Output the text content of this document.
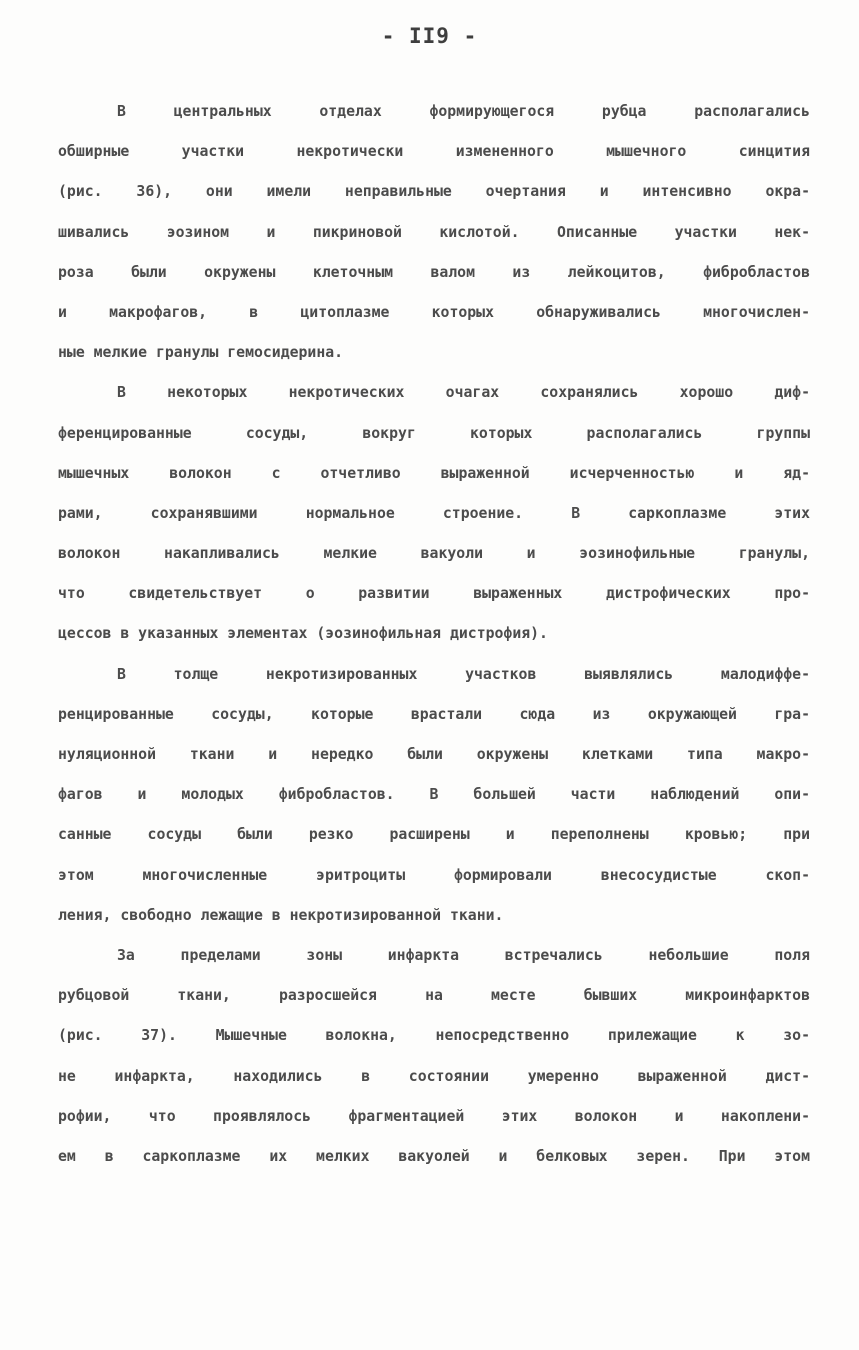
- II9 -
В центральных отделах формирующегося рубца располагались
обширные участки некротически измененного мышечного синцития
(рис. 36), они имели неправильные очертания и интенсивно окра-
шивались эозином и пикриновой кислотой. Описанные участки нек-
роза были окружены клеточным валом из лейкоцитов, фибробластов
и макрофагов, в цитоплазме которых обнаруживались многочислен-
ные мелкие гранулы гемосидерина.
В некоторых некротических очагах сохранялись хорошо диф-
ференцированные сосуды, вокруг которых располагались группы
мышечных волокон с отчетливо выраженной исчерченностью и яд-
рами, сохранявшими нормальное строение. В саркоплазме этих
волокон накапливались мелкие вакуоли и эозинофильные гранулы,
что свидетельствует о развитии выраженных дистрофических про-
цессов в указанных элементах (эозинофильная дистрофия).
В толще некротизированных участков выявлялись малодиффе-
ренцированные сосуды, которые врастали сюда из окружающей гра-
нуляционной ткани и нередко были окружены клетками типа макро-
фагов и молодых фибробластов. В большей части наблюдений опи-
санные сосуды были резко расширены и переполнены кровью; при
этом многочисленные эритроциты формировали внесосудистые скоп-
ления, свободно лежащие в некротизированной ткани.
За пределами зоны инфаркта встречались небольшие поля
рубцовой ткани, разросшейся на месте бывших микроинфарктов
(рис. 37). Мышечные волокна, непосредственно прилежащие к зо-
не инфаркта, находились в состоянии умеренно выраженной дист-
рофии, что проявлялось фрагментацией этих волокон и накоплени-
ем в саркоплазме их мелких вакуолей и белковых зерен. При этом
